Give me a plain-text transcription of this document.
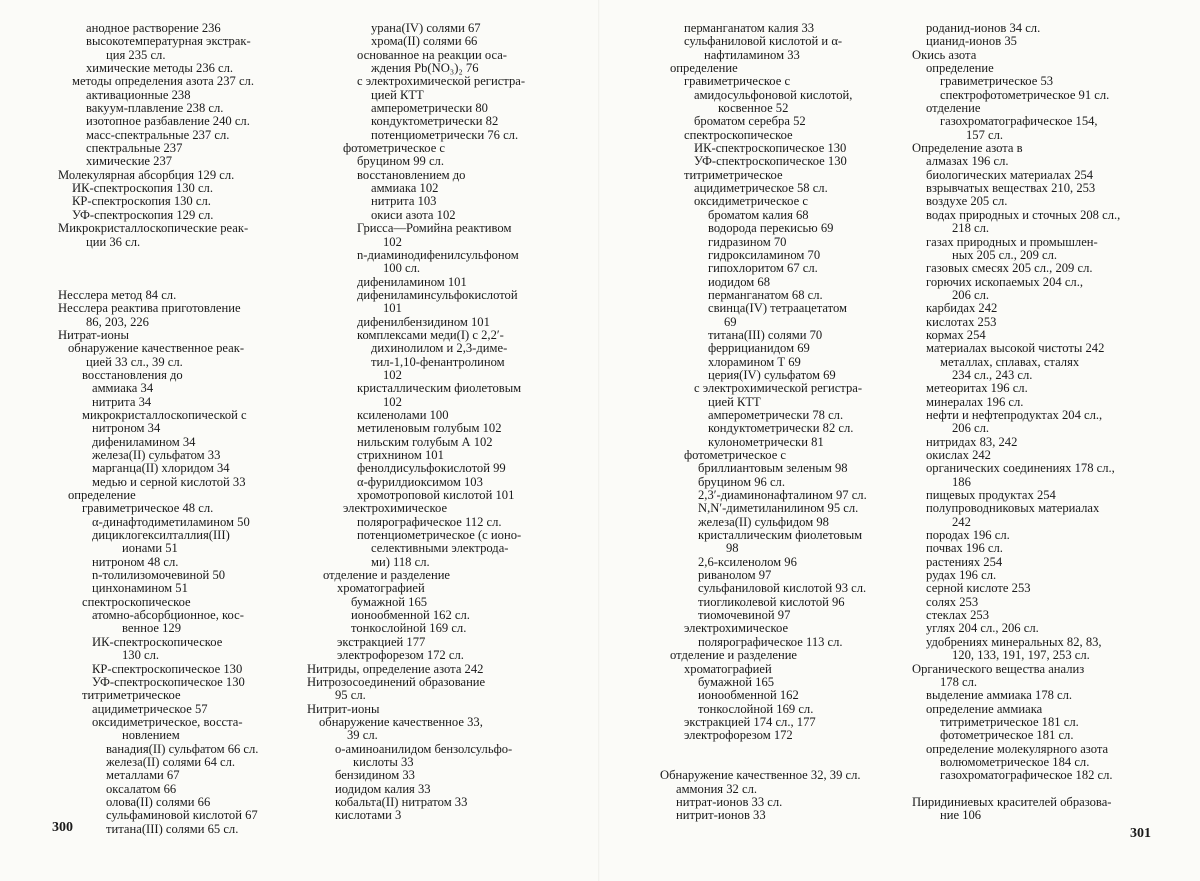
анодное растворение 236
высокотемпературная экстрак-
ция 235 сл.
химические методы 236 сл.
методы определения азота 237 сл.
активационные 238
вакуум-плавление 238 сл.
изотопное разбавление 240 сл.
масс-спектральные 237 сл.
спектральные 237
химические 237
Молекулярная абсорбция 129 сл.
ИК-спектроскопия 130 сл.
КР-спектроскопия 130 сл.
УФ-спектроскопия 129 сл.
Микрокристаллоскопические реак-
ции 36 сл.
Несслера метод 84 сл.
Несслера реактива приготовление
86, 203, 226
Нитрат-ионы
обнаружение качественное реак-
цией 33 сл., 39 сл.
восстановления до
аммиака 34
нитрита 34
микрокристаллоскопической с
нитроном 34
дифениламином 34
железа(II) сульфатом 33
марганца(II) хлоридом 34
медью и серной кислотой 33
определение
гравиметрическое 48 сл.
α-динафтодиметиламином 50
дициклогексилталлия(III)
ионами 51
нитроном 48 сл.
n-толилизомочевиной 50
цинхонамином 51
спектроскопическое
атомно-абсорбционное, кос-
венное 129
ИК-спектроскопическое
130 сл.
КР-спектроскопическое 130
УФ-спектроскопическое 130
титриметрическое
ацидиметрическое 57
оксидиметрическое, восста-
новлением
ванадия(II) сульфатом 66 сл.
железа(II) солями 64 сл.
металлами 67
оксалатом 66
олова(II) солями 66
сульфаминовой кислотой 67
титана(III) солями 65 сл.
урана(IV) солями 67
хрома(II) солями 66
основанное на реакции оса-
ждения Pb(NO₃)₂ 76
с электрохимической регистра-
цией КТТ
амперометрически 80
кондуктометрически 82
потенциометрически 76 сл.
фотометрическое с
бруцином 99 сл.
восстановлением до
аммиака 102
нитрита 103
окиси азота 102
Грисса—Ромийна реактивом
102
n-диаминодифенилсульфоном
100 сл.
дифениламином 101
дифениламинсульфокислотой
101
дифенилбензидином 101
комплексами меди(I) с 2,2′-
дихинолилом и 2,3-диме-
тил-1,10-фенантролином
102
кристаллическим фиолетовым
102
ксиленолами 100
метиленовым голубым 102
нильским голубым А 102
стрихнином 101
фенолдисульфокислотой 99
α-фурилдиоксимом 103
хромотроповой кислотой 101
электрохимическое
полярографическое 112 сл.
потенциометрическое (с ионо-
селективными электрода-
ми) 118 сл.
отделение и разделение
хроматографией
бумажной 165
ионообменной 162 сл.
тонкослойной 169 сл.
экстракцией 177
электрофорезом 172 сл.
Нитриды, определение азота 242
Нитрозосоединений образование
95 сл.
Нитрит-ионы
обнаружение качественное 33,
39 сл.
о-аминоанилидом бензолсульфо-
кислоты 33
бензидином 33
иодидом калия 33
кобальта(II) нитратом 33
кислотами 3
перманганатом калия 33
сульфаниловой кислотой и α-
нафтиламином 33
определение
гравиметрическое с
амидосульфоновой кислотой,
косвенное 52
броматом серебра 52
спектроскопическое
ИК-спектроскопическое 130
УФ-спектроскопическое 130
титриметрическое
ацидиметрическое 58 сл.
оксидиметрическое с
броматом калия 68
водорода перекисью 69
гидразином 70
гидроксиламином 70
гипохлоритом 67 сл.
иодидом 68
перманганатом 68 сл.
свинца(IV) тетраацетатом
69
титана(III) солями 70
феррицианидом 69
хлорамином Т 69
церия(IV) сульфатом 69
с электрохимической регистра-
цией КТТ
амперометрически 78 сл.
кондуктометрически 82 сл.
кулонометрически 81
фотометрическое с
бриллиантовым зеленым 98
бруцином 96 сл.
2,3′-диаминонафталином 97 сл.
N,N′-диметиланилином 95 сл.
железа(II) сульфидом 98
кристаллическим фиолетовым
98
2,6-ксиленолом 96
риванолом 97
сульфаниловой кислотой 93 сл.
тиогликолевой кислотой 96
тиомочевиной 97
электрохимическое
полярографическое 113 сл.
отделение и разделение
хроматографией
бумажной 165
ионообменной 162
тонкослойной 169 сл.
экстракцией 174 сл., 177
электрофорезом 172
Обнаружение качественное 32, 39 сл.
аммония 32 сл.
нитрат-ионов 33 сл.
нитрит-ионов 33
роданид-ионов 34 сл.
цианид-ионов 35
Окись азота
определение
гравиметрическое 53
спектрофотометрическое 91 сл.
отделение
газохроматографическое 154,
157 сл.
Определение азота в
алмазах 196 сл.
биологических материалах 254
взрывчатых веществах 210, 253
воздухе 205 сл.
водах природных и сточных 208 сл.,
218 сл.
газах природных и промышлен-
ных 205 сл., 209 сл.
газовых смесях 205 сл., 209 сл.
горючих ископаемых 204 сл.,
206 сл.
карбидах 242
кислотах 253
кормах 254
материалах высокой чистоты 242
металлах, сплавах, сталях
234 сл., 243 сл.
метеоритах 196 сл.
минералах 196 сл.
нефти и нефтепродуктах 204 сл.,
206 сл.
нитридах 83, 242
окислах 242
органических соединениях 178 сл.,
186
пищевых продуктах 254
полупроводниковых материалах
242
породах 196 сл.
почвах 196 сл.
растениях 254
рудах 196 сл.
серной кислоте 253
солях 253
стеклах 253
углях 204 сл., 206 сл.
удобрениях минеральных 82, 83,
120, 133, 191, 197, 253 сл.
Органического вещества анализ
178 сл.
выделение аммиака 178 сл.
определение аммиака
титриметрическое 181 сл.
фотометрическое 181 сл.
определение молекулярного азота
волюмометрическое 184 сл.
газохроматографическое 182 сл.
Пиридиниевых красителей образова-
ние 106
300	301
